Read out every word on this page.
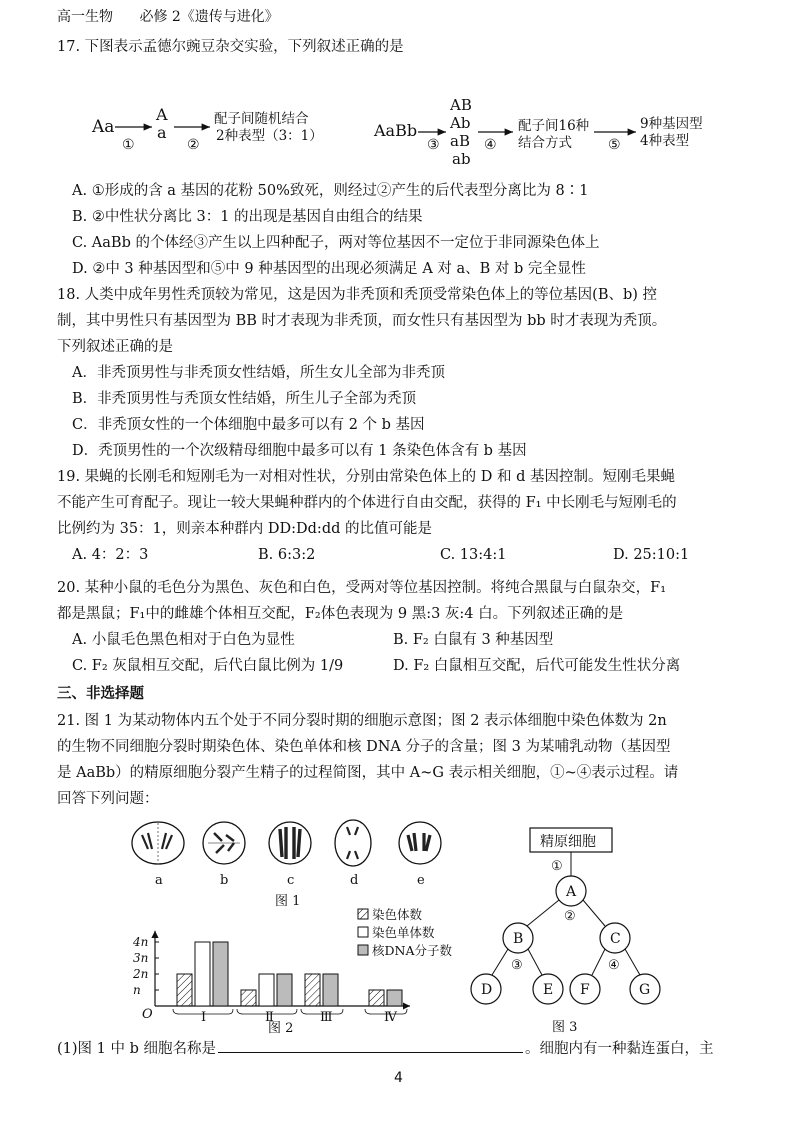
高一生物 必修 2《遗传与进化》
17. 下图表示孟德尔豌豆杂交实验，下列叙述正确的是
Aa
A
a
①	②
配子间随机结合
2种表型（3：1）	AaBb
AB
Ab
aB
ab
③	④
配子间16种
结合方式	⑤
9种基因型
4种表型
A. ①形成的含 a 基因的花粉 50%致死，则经过②产生的后代表型分离比为 8∶1
B. ②中性状分离比 3：1 的出现是基因自由组合的结果
C. AaBb 的个体经③产生以上四种配子，两对等位基因不一定位于非同源染色体上
D. ②中 3 种基因型和⑤中 9 种基因型的出现必须满足 A 对 a、B 对 b 完全显性
18. 人类中成年男性秃顶较为常见，这是因为非秃顶和秃顶受常染色体上的等位基因(B、b) 控
制，其中男性只有基因型为 BB 时才表现为非秃顶，而女性只有基因型为 bb 时才表现为秃顶。
下列叙述正确的是
A．非秃顶男性与非秃顶女性结婚，所生女儿全部为非秃顶
B．非秃顶男性与秃顶女性结婚，所生儿子全部为秃顶
C．非秃顶女性的一个体细胞中最多可以有 2 个 b 基因
D．秃顶男性的一个次级精母细胞中最多可以有 1 条染色体含有 b 基因
19. 果蝇的长刚毛和短刚毛为一对相对性状，分别由常染色体上的 D 和 d 基因控制。短刚毛果蝇
不能产生可育配子。现让一较大果蝇种群内的个体进行自由交配，获得的 F₁ 中长刚毛与短刚毛的
比例约为 35：1，则亲本种群内 DD:Dd:dd 的比值可能是
A. 4：2：3	B. 6:3:2	C. 13:4:1	D. 25:10:1
20. 某种小鼠的毛色分为黑色、灰色和白色，受两对等位基因控制。将纯合黑鼠与白鼠杂交，F₁
都是黑鼠；F₁中的雌雄个体相互交配，F₂体色表现为 9 黑:3 灰:4 白。下列叙述正确的是
A. 小鼠毛色黑色相对于白色为显性	B. F₂ 白鼠有 3 种基因型
C. F₂ 灰鼠相互交配，后代白鼠比例为 1/9	D. F₂ 白鼠相互交配，后代可能发生性状分离
三、非选择题
21. 图 1 为某动物体内五个处于不同分裂时期的细胞示意图；图 2 表示体细胞中染色体数为 2n
的生物不同细胞分裂时期染色体、染色单体和核 DNA 分子的含量；图 3 为某哺乳动物（基因型
是 AaBb）的精原细胞分裂产生精子的过程简图，其中 A~G 表示相关细胞，①~④表示过程。请
回答下列问题：
a	b	c	d	e
图 1
O
4n
3n
2n
n
Ⅰ	Ⅱ	Ⅲ	Ⅳ
染色体数
染色单体数
核DNA分子数
图 2
精原细胞
①
A
②
B	C
③	④
D	E F	G
图 3
(1)图 1 中 b 细胞名称是	。细胞内有一种黏连蛋白，主
4
